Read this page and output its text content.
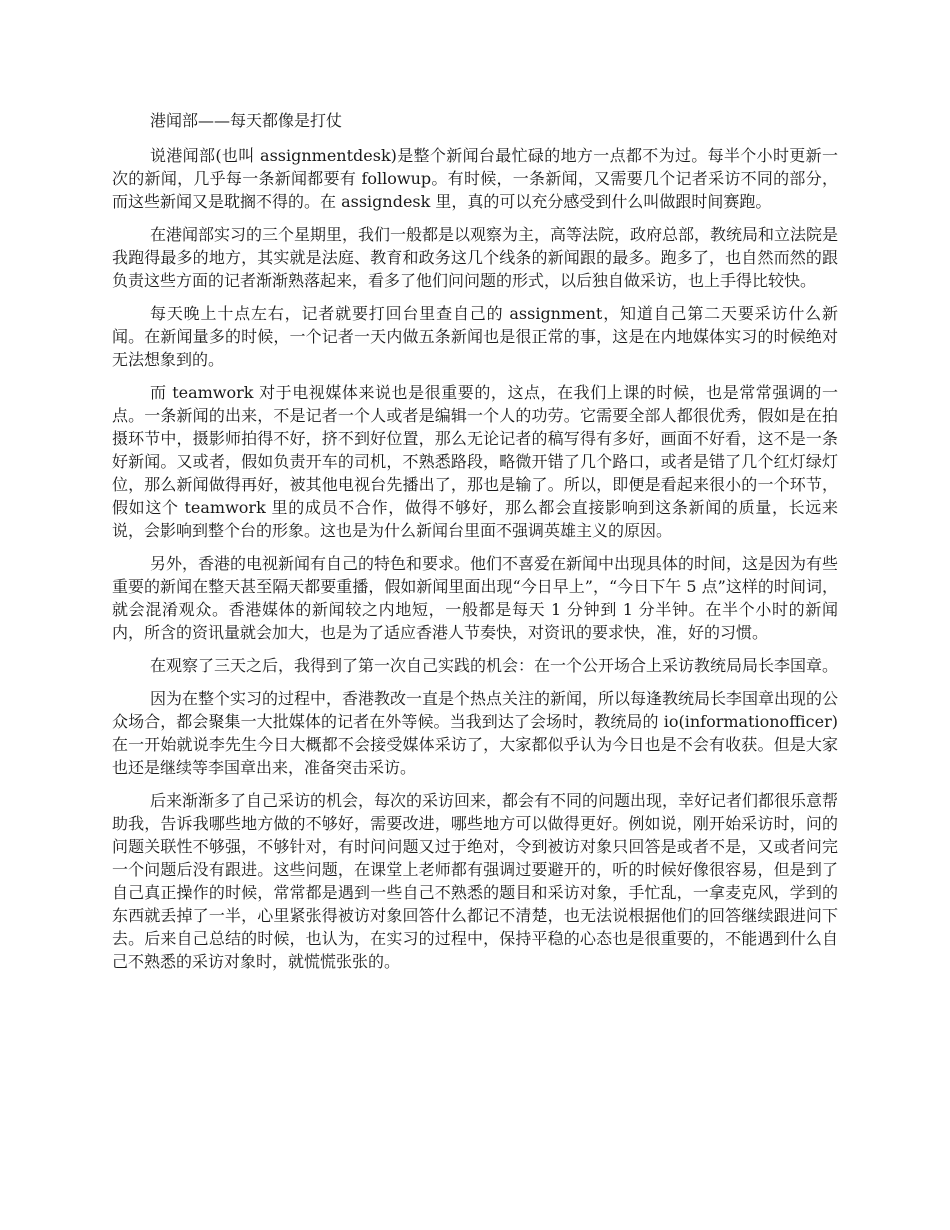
港闻部——每天都像是打仗

说港闻部(也叫 assignmentdesk)是整个新闻台最忙碌的地方一点都不为过。每半个小时更新一次的新闻，几乎每一条新闻都要有 followup。有时候，一条新闻，又需要几个记者采访不同的部分，而这些新闻又是耽搁不得的。在 assigndesk 里，真的可以充分感受到什么叫做跟时间赛跑。

在港闻部实习的三个星期里，我们一般都是以观察为主，高等法院，政府总部，教统局和立法院是我跑得最多的地方，其实就是法庭、教育和政务这几个线条的新闻跟的最多。跑多了，也自然而然的跟负责这些方面的记者渐渐熟落起来，看多了他们问问题的形式，以后独自做采访，也上手得比较快。

每天晚上十点左右，记者就要打回台里查自己的 assignment，知道自己第二天要采访什么新闻。在新闻量多的时候，一个记者一天内做五条新闻也是很正常的事，这是在内地媒体实习的时候绝对无法想象到的。

而 teamwork 对于电视媒体来说也是很重要的，这点，在我们上课的时候，也是常常强调的一点。一条新闻的出来，不是记者一个人或者是编辑一个人的功劳。它需要全部人都很优秀，假如是在拍摄环节中，摄影师拍得不好，挤不到好位置，那么无论记者的稿写得有多好，画面不好看，这不是一条好新闻。又或者，假如负责开车的司机，不熟悉路段，略微开错了几个路口，或者是错了几个红灯绿灯位，那么新闻做得再好，被其他电视台先播出了，那也是输了。所以，即便是看起来很小的一个环节，假如这个 teamwork 里的成员不合作，做得不够好，那么都会直接影响到这条新闻的质量，长远来说，会影响到整个台的形象。这也是为什么新闻台里面不强调英雄主义的原因。

另外，香港的电视新闻有自己的特色和要求。他们不喜爱在新闻中出现具体的时间，这是因为有些重要的新闻在整天甚至隔天都要重播，假如新闻里面出现“今日早上”，“今日下午 5 点”这样的时间词，就会混淆观众。香港媒体的新闻较之内地短，一般都是每天 1 分钟到 1 分半钟。在半个小时的新闻内，所含的资讯量就会加大，也是为了适应香港人节奏快，对资讯的要求快，准，好的习惯。

在观察了三天之后，我得到了第一次自己实践的机会：在一个公开场合上采访教统局局长李国章。

因为在整个实习的过程中，香港教改一直是个热点关注的新闻，所以每逢教统局长李国章出现的公众场合，都会聚集一大批媒体的记者在外等候。当我到达了会场时，教统局的 io(informationofficer)在一开始就说李先生今日大概都不会接受媒体采访了，大家都似乎认为今日也是不会有收获。但是大家也还是继续等李国章出来，准备突击采访。

后来渐渐多了自己采访的机会，每次的采访回来，都会有不同的问题出现，幸好记者们都很乐意帮助我，告诉我哪些地方做的不够好，需要改进，哪些地方可以做得更好。例如说，刚开始采访时，问的问题关联性不够强，不够针对，有时问问题又过于绝对，令到被访对象只回答是或者不是，又或者问完一个问题后没有跟进。这些问题，在课堂上老师都有强调过要避开的，听的时候好像很容易，但是到了自己真正操作的时候，常常都是遇到一些自己不熟悉的题目和采访对象，手忙乱，一拿麦克风，学到的东西就丢掉了一半，心里紧张得被访对象回答什么都记不清楚，也无法说根据他们的回答继续跟进问下去。后来自己总结的时候，也认为，在实习的过程中，保持平稳的心态也是很重要的，不能遇到什么自己不熟悉的采访对象时，就慌慌张张的。
